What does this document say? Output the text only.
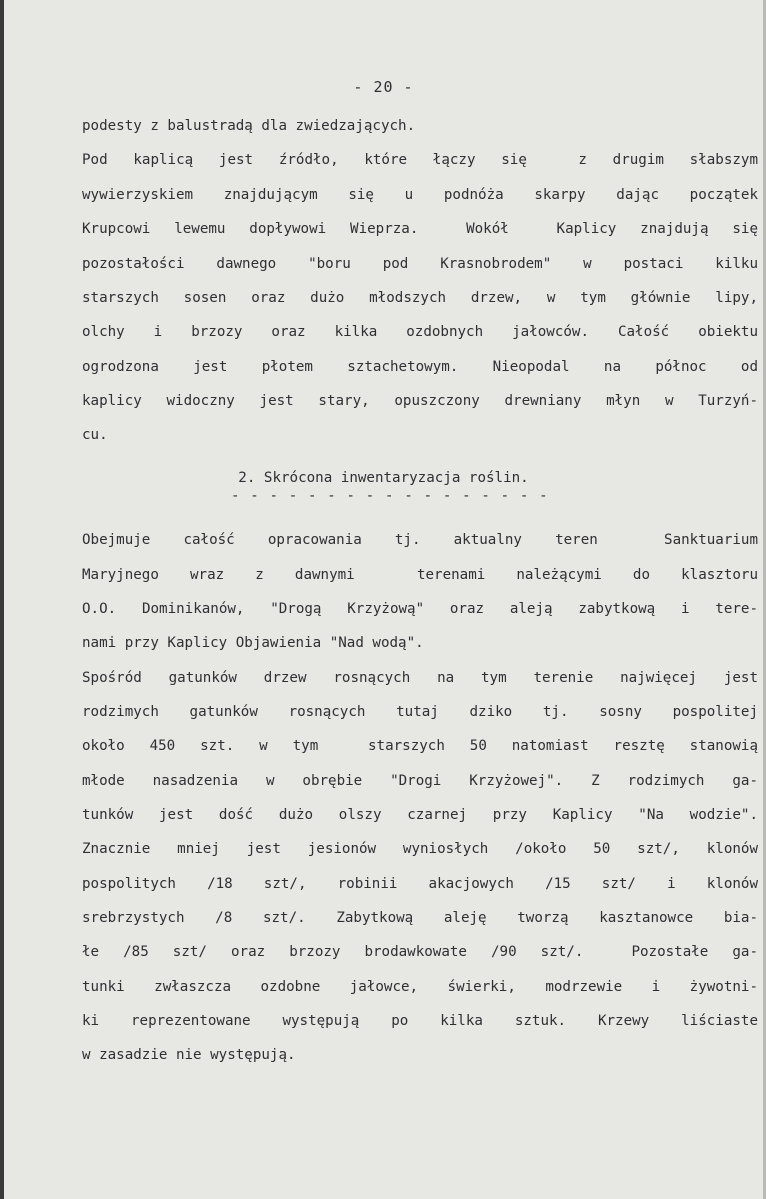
- 20 -
podesty z balustradą dla zwiedzających.
Pod kaplicą jest źródło, które łączy się  z drugim słabszym
wywierzyskiem znajdującym się u podnóża skarpy dając początek
Krupcowi lewemu dopływowi Wieprza.  Wokół  Kaplicy znajdują się
pozostałości dawnego "boru pod Krasnobrodem" w postaci kilku
starszych sosen oraz dużo młodszych drzew, w tym głównie lipy,
olchy i brzozy oraz kilka ozdobnych jałowców. Całość obiektu
ogrodzona jest płotem sztachetowym. Nieopodal na północ od
kaplicy widoczny jest stary, opuszczony drewniany młyn w Turzyń-
cu.
2. Skrócona inwentaryzacja roślin.
- - - - - - - - - - - - - - - - -
Obejmuje całość opracowania tj. aktualny teren  Sanktuarium
Maryjnego wraz z dawnymi  terenami należącymi do klasztoru
O.O. Dominikanów, "Drogą Krzyżową" oraz aleją zabytkową i tere-
nami przy Kaplicy Objawienia "Nad wodą".
Spośród gatunków drzew rosnących na tym terenie najwięcej jest
rodzimych gatunków rosnących tutaj dziko tj. sosny pospolitej
około 450 szt. w tym  starszych 50 natomiast resztę stanowią
młode nasadzenia w obrębie "Drogi Krzyżowej". Z rodzimych ga-
tunków jest dość dużo olszy czarnej przy Kaplicy "Na wodzie".
Znacznie mniej jest jesionów wyniosłych /około 50 szt/, klonów
pospolitych /18 szt/, robinii akacjowych /15 szt/ i klonów
srebrzystych /8 szt/. Zabytkową aleję tworzą kasztanowce bia-
łe /85 szt/ oraz brzozy brodawkowate /90 szt/.  Pozostałe ga-
tunki zwłaszcza ozdobne jałowce, świerki, modrzewie i żywotni-
ki reprezentowane występują po kilka sztuk. Krzewy liściaste
w zasadzie nie występują.
